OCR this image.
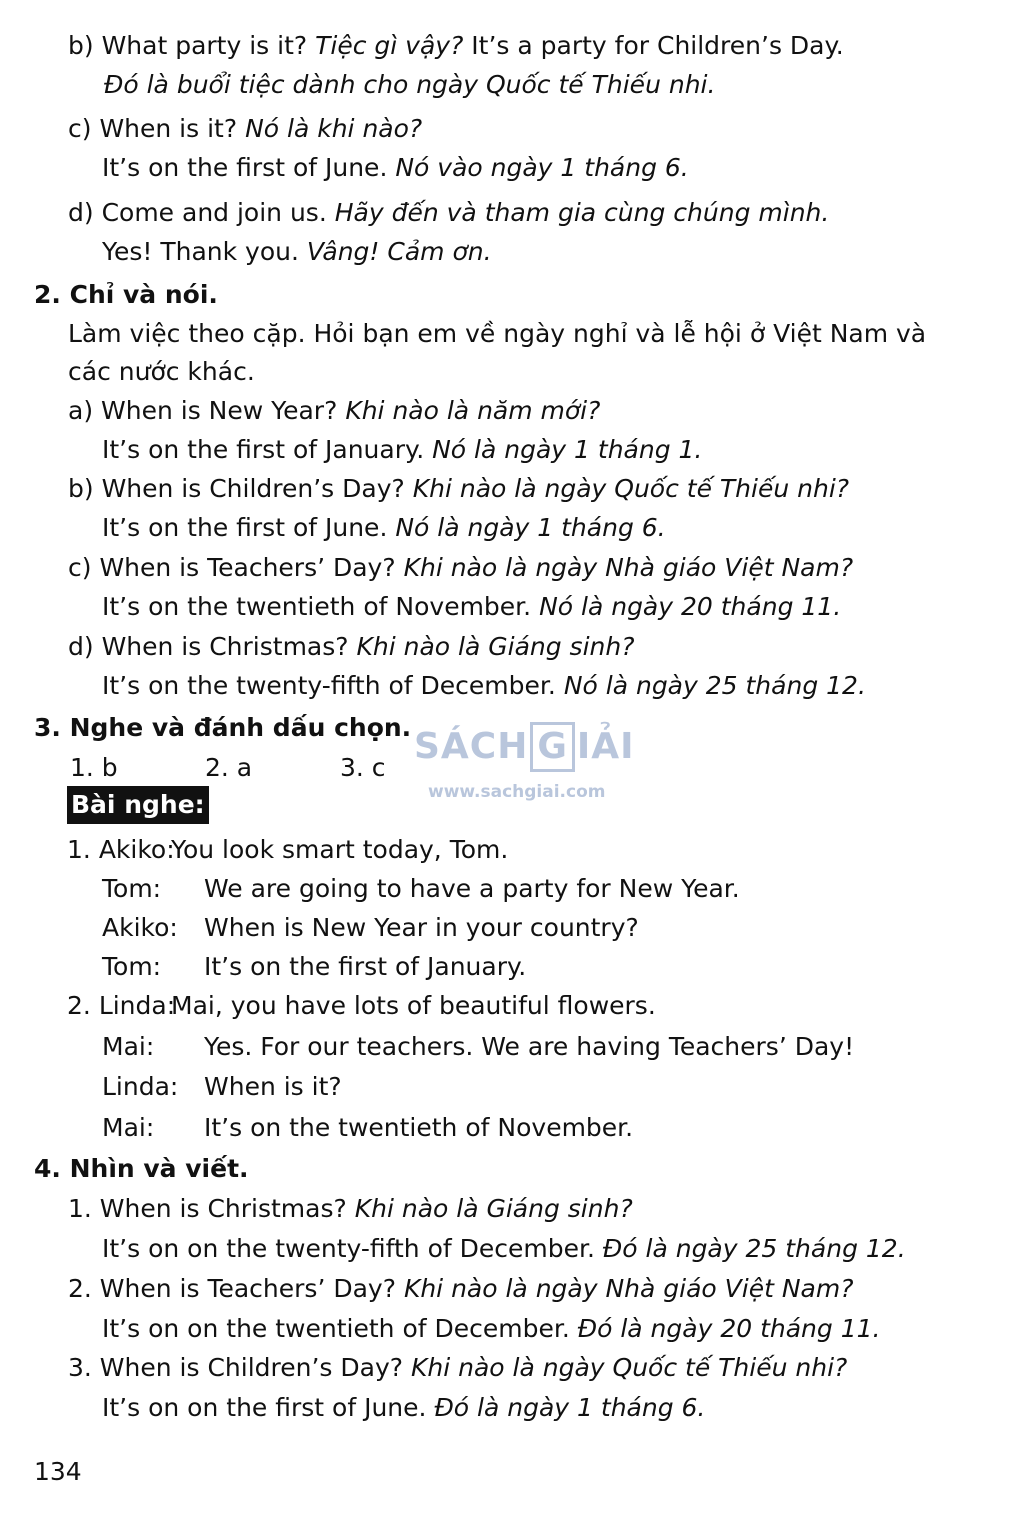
b) What party is it? Tiệc gì vậy? It’s a party for Children’s Day.
Đó là buổi tiệc dành cho ngày Quốc tế Thiếu nhi.
c) When is it? Nó là khi nào?
It’s on the first of June. Nó vào ngày 1 tháng 6.
d) Come and join us. Hãy đến và tham gia cùng chúng mình.
Yes! Thank you. Vâng! Cảm ơn.
2. Chỉ và nói.
Làm việc theo cặp. Hỏi bạn em về ngày nghỉ và lễ hội ở Việt Nam và
các nước khác.
a) When is New Year? Khi nào là năm mới?
It’s on the first of January. Nó là ngày 1 tháng 1.
b) When is Children’s Day? Khi nào là ngày Quốc tế Thiếu nhi?
It’s on the first of June. Nó là ngày 1 tháng 6.
c) When is Teachers’ Day? Khi nào là ngày Nhà giáo Việt Nam?
It’s on the twentieth of November. Nó là ngày 20 tháng 11.
d) When is Christmas? Khi nào là Giáng sinh?
It’s on the twenty-fifth of December. Nó là ngày 25 tháng 12.
3. Nghe và đánh dấu chọn.
1. b	2. a	3. c
Bài nghe:
1. Akiko:You look smart today, Tom.
Tom: We are going to have a party for New Year.
Akiko: When is New Year in your country?
Tom: It’s on the first of January.
2. Linda:Mai, you have lots of beautiful flowers.
Mai: Yes. For our teachers. We are having Teachers’ Day!
Linda: When is it?
Mai: It’s on the twentieth of November.
4. Nhìn và viết.
1. When is Christmas? Khi nào là Giáng sinh?
It’s on on the twenty-fifth of December. Đó là ngày 25 tháng 12.
2. When is Teachers’ Day? Khi nào là ngày Nhà giáo Việt Nam?
It’s on on the twentieth of December. Đó là ngày 20 tháng 11.
3. When is Children’s Day? Khi nào là ngày Quốc tế Thiếu nhi?
It’s on on the first of June. Đó là ngày 1 tháng 6.
SÁCH G IẢI
www.sachgiai.com
134
